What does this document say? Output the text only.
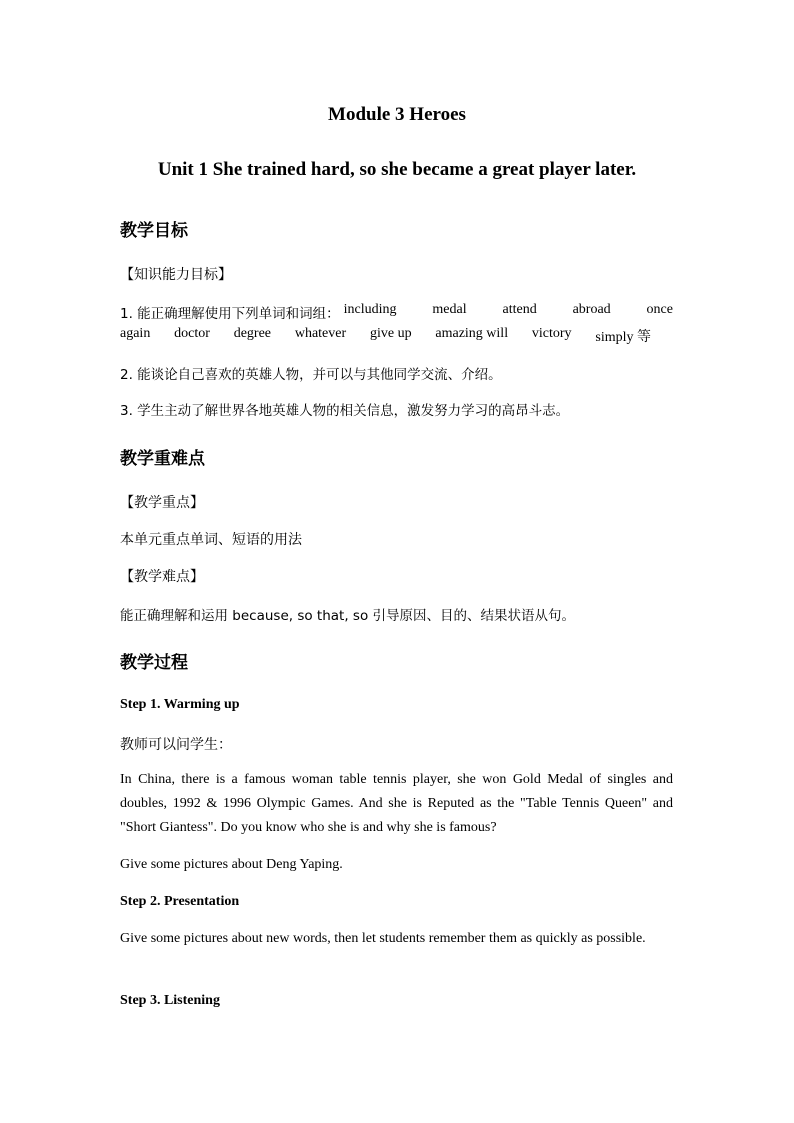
Module 3 Heroes
Unit 1 She trained hard, so she became a great player later.
教学目标
【知识能力目标】
1. 能正确理解使用下列单词和词组： including	medal	attend	abroad	once
again doctor degree whatever give up amazing will victory simply 等
2. 能谈论自己喜欢的英雄人物，并可以与其他同学交流、介绍。
3. 学生主动了解世界各地英雄人物的相关信息，激发努力学习的高昂斗志。
教学重难点
【教学重点】
本单元重点单词、短语的用法
【教学难点】
能正确理解和运用 because, so that, so 引导原因、目的、结果状语从句。
教学过程
Step 1. Warming up
教师可以问学生：
In China, there is a famous woman table tennis player, she won Gold Medal of singles and doubles, 1992 & 1996 Olympic Games. And she is Reputed as the "Table Tennis Queen" and "Short Giantess". Do you know who she is and why she is famous?
Give some pictures about Deng Yaping.
Step 2. Presentation
Give some pictures about new words, then let students remember them as quickly as possible.
Step 3. Listening
